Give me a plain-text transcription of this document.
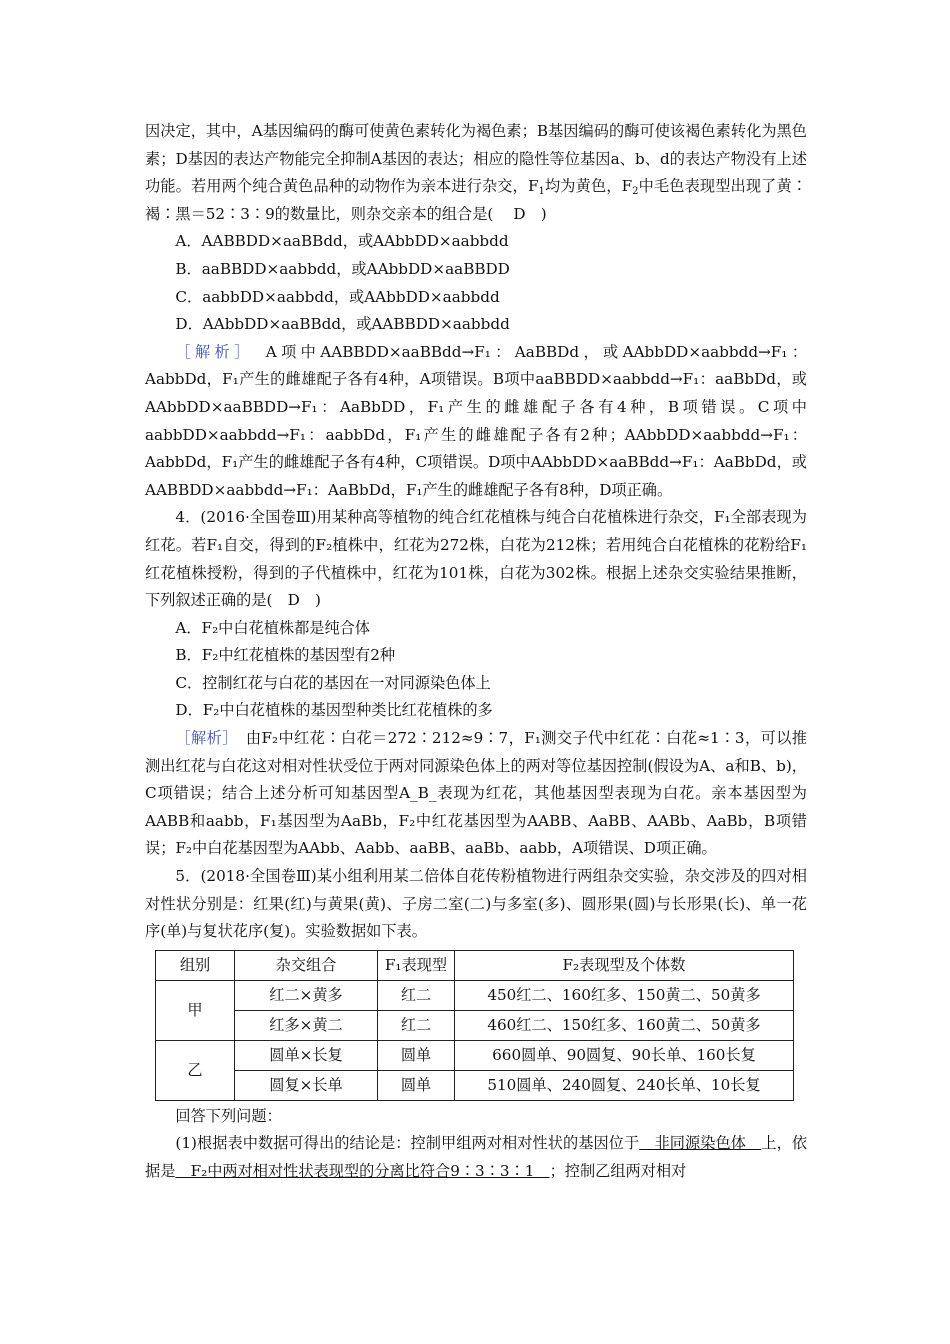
因决定，其中，A基因编码的酶可使黄色素转化为褐色素；B基因编码的酶可使该褐色素转化为黑色素；D基因的表达产物能完全抑制A基因的表达；相应的隐性等位基因a、b、d的表达产物没有上述功能。若用两个纯合黄色品种的动物作为亲本进行杂交，$F_1$均为黄色，$F_2$中毛色表现型出现了黄∶褐∶黑＝52∶3∶9的数量比，则杂交亲本的组合是(　 D　)

A．AABBDD×aaBBdd，或AAbbDD×aabbdd

B．aaBBDD×aabbdd，或AAbbDD×aaBBDD

C．aabbDD×aabbdd，或AAbbDD×aabbdd

D．AAbbDD×aaBBdd，或AABBDD×aabbdd

［解析］　 A项中AABBDD×aaBBdd→F₁：AaBBDd，或AAbbDD×aabbdd→F₁：AabbDd，F₁产生的雌雄配子各有4种，A项错误。B项中aaBBDD×aabbdd→F₁：aaBbDd，或AAbbDD×aaBBDD→F₁：AaBbDD，F₁产生的雌雄配子各有4种，B项错误。C项中aabbDD×aabbdd→F₁：aabbDd，F₁产生的雌雄配子各有2种；AAbbDD×aabbdd→F₁：AabbDd，F₁产生的雌雄配子各有4种，C项错误。D项中AAbbDD×aaBBdd→F₁：AaBbDd，或AABBDD×aabbdd→F₁：AaBbDd，F₁产生的雌雄配子各有8种，D项正确。

4．(2016·全国卷Ⅲ)用某种高等植物的纯合红花植株与纯合白花植株进行杂交，F₁全部表现为红花。若F₁自交，得到的F₂植株中，红花为272株，白花为212株；若用纯合白花植株的花粉给F₁红花植株授粉，得到的子代植株中，红花为101株，白花为302株。根据上述杂交实验结果推断，下列叙述正确的是(　D　)

A．F₂中白花植株都是纯合体

B．F₂中红花植株的基因型有2种

C．控制红花与白花的基因在一对同源染色体上

D．F₂中白花植株的基因型种类比红花植株的多

［解析］　 由F₂中红花∶白花＝272∶212≈9∶7，F₁测交子代中红花∶白花≈1∶3，可以推测出红花与白花这对相对性状受位于两对同源染色体上的两对等位基因控制(假设为A、a和B、b)，C项错误；结合上述分析可知基因型A_B_表现为红花，其他基因型表现为白花。亲本基因型为AABB和aabb，F₁基因型为AaBb，F₂中红花基因型为AABB、AaBB、AABb、AaBb，B项错误；F₂中白花基因型为AAbb、Aabb、aaBB、aaBb、aabb，A项错误、D项正确。

5．(2018·全国卷Ⅲ)某小组利用某二倍体自花传粉植物进行两组杂交实验，杂交涉及的四对相对性状分别是：红果(红)与黄果(黄)、子房二室(二)与多室(多)、圆形果(圆)与长形果(长)、单一花序(单)与复状花序(复)。实验数据如下表。

组别	杂交组合	F₁表现型	F₂表现型及个体数
甲	红二×黄多	红二	450红二、160红多、150黄二、50黄多
	红多×黄二	红二	460红二、150红多、160黄二、50黄多
乙	圆单×长复	圆单	660圆单、90圆复、90长单、160长复
	圆复×长单	圆单	510圆单、240圆复、240长单、10长复

回答下列问题：

(1)根据表中数据可得出的结论是：控制甲组两对相对性状的基因位于　非同源染色体　上，依据是　F₂中两对相对性状表现型的分离比符合9∶3∶3∶1　；控制乙组两对相对
